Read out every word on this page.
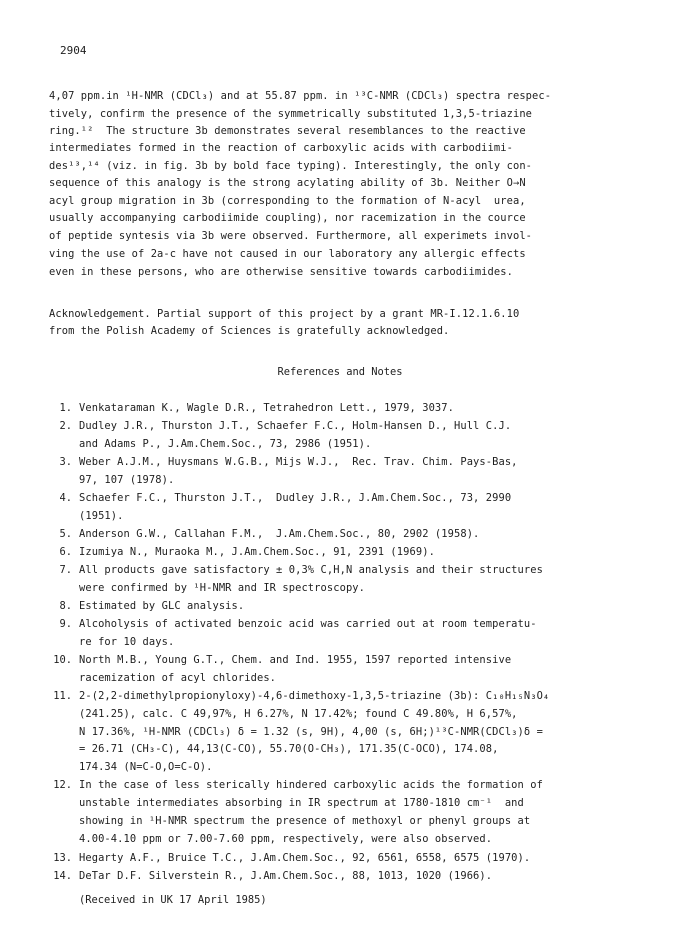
2904
4,07 ppm.in ¹H-NMR (CDCl₃) and at 55.87 ppm. in ¹³C-NMR (CDCl₃) spectra respec-
tively, confirm the presence of the symmetrically substituted 1,3,5-triazine
ring.¹²  The structure 3b demonstrates several resemblances to the reactive
intermediates formed in the reaction of carboxylic acids with carbodiimi-
des¹³,¹⁴ (viz. in fig. 3b by bold face typing). Interestingly, the only con-
sequence of this analogy is the strong acylating ability of 3b. Neither O→N
acyl group migration in 3b (corresponding to the formation of N-acyl  urea,
usually accompanying carbodiimide coupling), nor racemization in the cource
of peptide syntesis via 3b were observed. Furthermore, all experimets invol-
ving the use of 2a-c have not caused in our laboratory any allergic effects
even in these persons, who are otherwise sensitive towards carbodiimides.
Acknowledgement. Partial support of this project by a grant MR-I.12.1.6.10
from the Polish Academy of Sciences is gratefully acknowledged.
References and Notes
1. Venkataraman K., Wagle D.R., Tetrahedron Lett., 1979, 3037.
2. Dudley J.R., Thurston J.T., Schaefer F.C., Holm-Hansen D., Hull C.J.
and Adams P., J.Am.Chem.Soc., 73, 2986 (1951).
3. Weber A.J.M., Huysmans W.G.B., Mijs W.J.,  Rec. Trav. Chim. Pays-Bas,
97, 107 (1978).
4. Schaefer F.C., Thurston J.T.,  Dudley J.R., J.Am.Chem.Soc., 73, 2990
(1951).
5. Anderson G.W., Callahan F.M.,  J.Am.Chem.Soc., 80, 2902 (1958).
6. Izumiya N., Muraoka M., J.Am.Chem.Soc., 91, 2391 (1969).
7. All products gave satisfactory ± 0,3% C,H,N analysis and their structures
were confirmed by ¹H-NMR and IR spectroscopy.
8. Estimated by GLC analysis.
9. Alcoholysis of activated benzoic acid was carried out at room temperatu-
re for 10 days.
10. North M.B., Young G.T., Chem. and Ind. 1955, 1597 reported intensive
racemization of acyl chlorides.
11. 2-(2,2-dimethylpropionyloxy)-4,6-dimethoxy-1,3,5-triazine (3b): C₁₀H₁₅N₃O₄
(241.25), calc. C 49,97%, H 6.27%, N 17.42%; found C 49.80%, H 6,57%,
N 17.36%, ¹H-NMR (CDCl₃) δ = 1.32 (s, 9H), 4,00 (s, 6H;)¹³C-NMR(CDCl₃)δ =
= 26.71 (CH₃-C), 44,13(C-CO), 55.70(O-CH₃), 171.35(C-OCO), 174.08,
174.34 (N=C-O,O=C-O).
12. In the case of less sterically hindered carboxylic acids the formation of
unstable intermediates absorbing in IR spectrum at 1780-1810 cm⁻¹  and
showing in ¹H-NMR spectrum the presence of methoxyl or phenyl groups at
4.00-4.10 ppm or 7.00-7.60 ppm, respectively, were also observed.
13. Hegarty A.F., Bruice T.C., J.Am.Chem.Soc., 92, 6561, 6558, 6575 (1970).
14. DeTar D.F. Silverstein R., J.Am.Chem.Soc., 88, 1013, 1020 (1966).
(Received in UK 17 April 1985)
